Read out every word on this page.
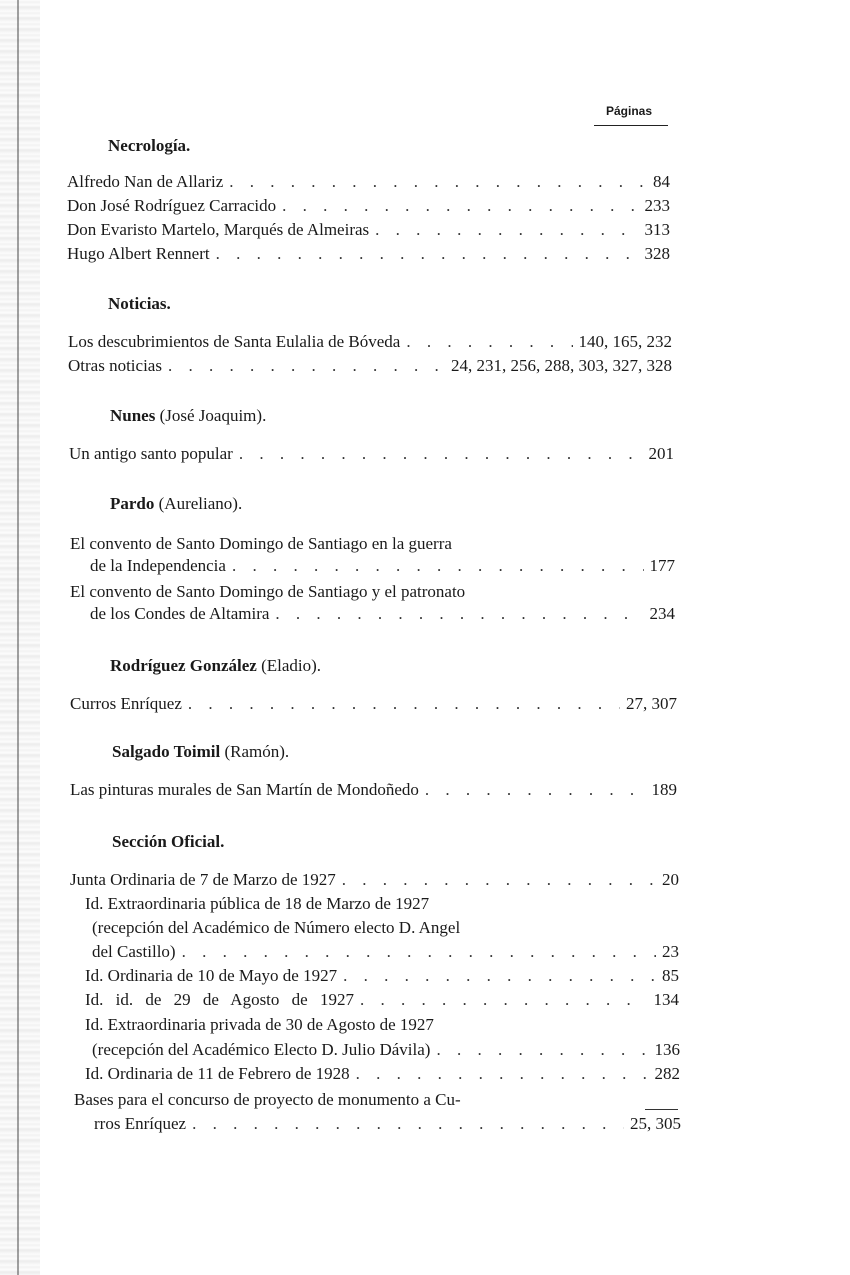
Páginas
Necrología.
Alfredo Nan de Allariz . . .	84
Don José Rodríguez Carracido . . .	233
Don Evaristo Martelo, Marqués de Almeiras . . .	313
Hugo Albert Rennert . . .	328
Noticias.
Los descubrimientos de Santa Eulalia de Bóveda . . .	140, 165, 232
Otras noticias . . .	24, 231, 256, 288, 303, 327, 328
Nunes (José Joaquim).
Un antigo santo popular . . .	201
Pardo (Aureliano).
El convento de Santo Domingo de Santiago en la guerra
de la Independencia . . .	177
El convento de Santo Domingo de Santiago y el patronato
de los Condes de Altamira . . .	234
Rodríguez González (Eladio).
Curros Enríquez . . .	27, 307
Salgado Toimil (Ramón).
Las pinturas murales de San Martín de Mondoñedo . . .	189
Sección Oficial.
Junta Ordinaria de 7 de Marzo de 1927 . . .	20
Id. Extraordinaria pública de 18 de Marzo de 1927
(recepción del Académico de Número electo D. Angel
del Castillo) . . .	23
Id. Ordinaria de 10 de Mayo de 1927 . . .	85
Id. id. de 29 de Agosto de 1927 . . .	134
Id. Extraordinaria privada de 30 de Agosto de 1927
(recepción del Académico Electo D. Julio Dávila) . . .	136
Id. Ordinaria de 11 de Febrero de 1928 . . .	282
Bases para el concurso de proyecto de monumento a Cu-
rros Enríquez . . .	25, 305
